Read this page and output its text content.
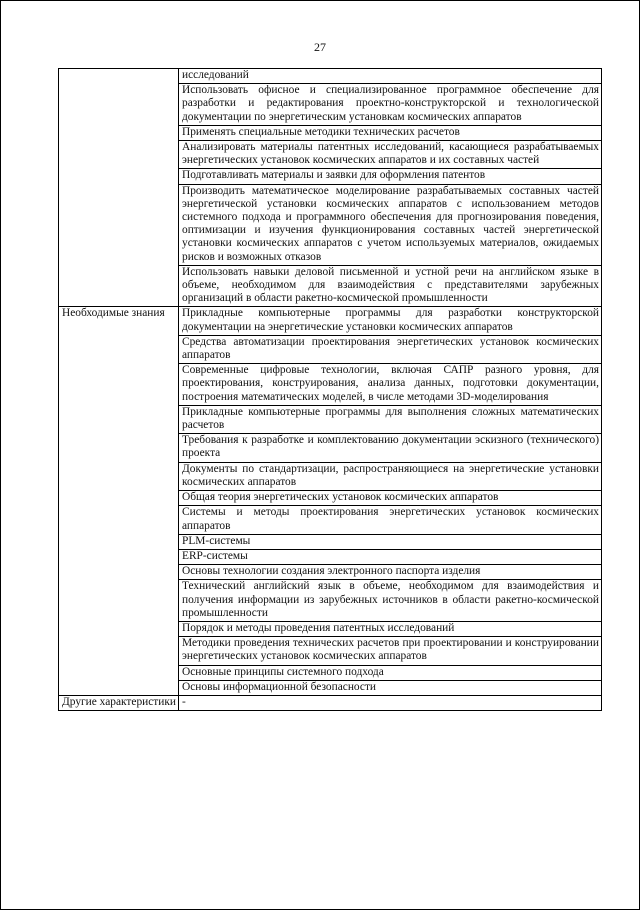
27
	исследований
	Использовать офисное и специализированное программное обеспечение для разработки и редактирования проектно-конструкторской и технологической документации по энергетическим установкам космических аппаратов
	Применять специальные методики технических расчетов
	Анализировать материалы патентных исследований, касающиеся разрабатываемых энергетических установок космических аппаратов и их составных частей
	Подготавливать материалы и заявки для оформления патентов
	Производить математическое моделирование разрабатываемых составных частей энергетической установки космических аппаратов с использованием методов системного подхода и программного обеспечения для прогнозирования поведения, оптимизации и изучения функционирования составных частей энергетической установки космических аппаратов с учетом используемых материалов, ожидаемых рисков и возможных отказов
	Использовать навыки деловой письменной и устной речи на английском языке в объеме, необходимом для взаимодействия с представителями зарубежных организаций в области ракетно-космической промышленности
Необходимые знания	Прикладные компьютерные программы для разработки конструкторской документации на энергетические установки космических аппаратов
	Средства автоматизации проектирования энергетических установок космических аппаратов
	Современные цифровые технологии, включая САПР разного уровня, для проектирования, конструирования, анализа данных, подготовки документации, построения математических моделей, в числе методами 3D-моделирования
	Прикладные компьютерные программы для выполнения сложных математических расчетов
	Требования к разработке и комплектованию документации эскизного (технического) проекта
	Документы по стандартизации, распространяющиеся на энергетические установки космических аппаратов
	Общая теория энергетических установок космических аппаратов
	Системы и методы проектирования энергетических установок космических аппаратов
	PLM-системы
	ERP-системы
	Основы технологии создания электронного паспорта изделия
	Технический английский язык в объеме, необходимом для взаимодействия и получения информации из зарубежных источников в области ракетно-космической промышленности
	Порядок и методы проведения патентных исследований
	Методики проведения технических расчетов при проектировании и конструировании энергетических установок космических аппаратов
	Основные принципы системного подхода
	Основы информационной безопасности
Другие характеристики	-
